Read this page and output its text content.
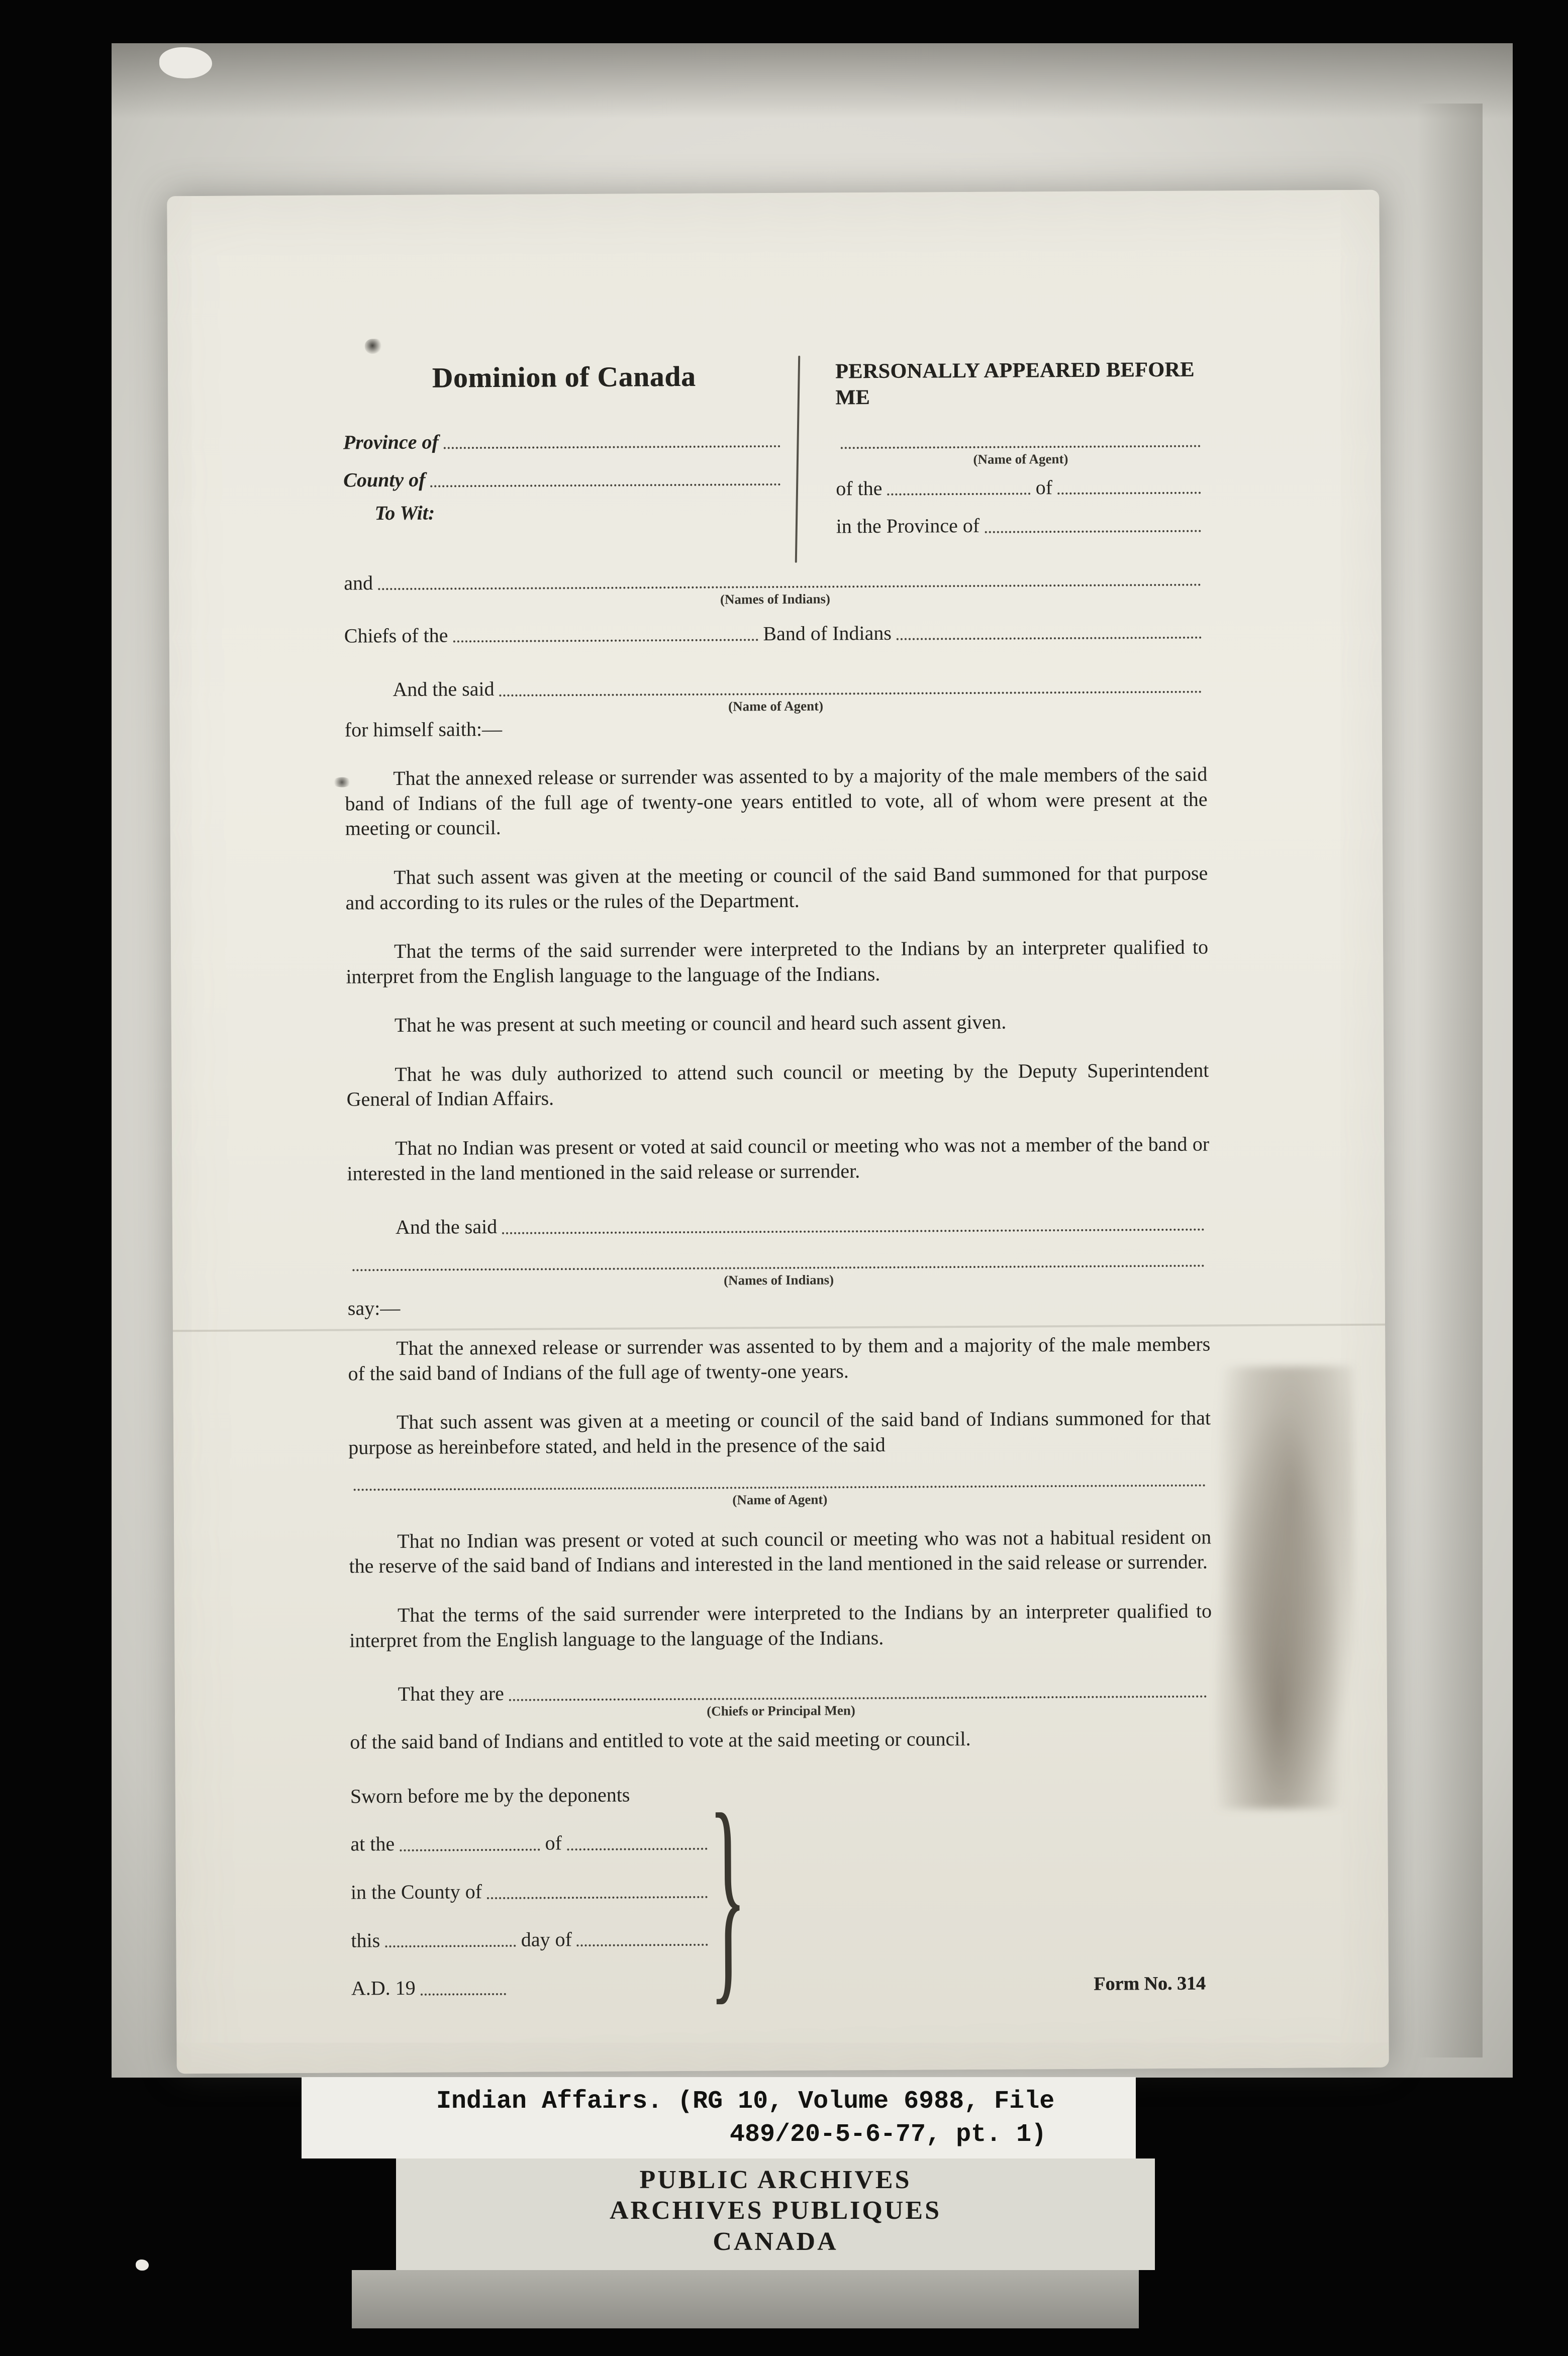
Dominion of Canada
Province of
County of
To Wit:
PERSONALLY APPEARED BEFORE ME
(Name of Agent)
of the	of
in the Province of
and
(Names of Indians)
Chiefs of the	Band of Indians
And the said
(Name of Agent)
for himself saith:—

That the annexed release or surrender was assented to by a majority of the male members of the said band of Indians of the full age of twenty-one years entitled to vote, all of whom were present at the meeting or council.

That such assent was given at the meeting or council of the said Band summoned for that purpose and according to its rules or the rules of the Department.

That the terms of the said surrender were interpreted to the Indians by an interpreter qualified to interpret from the English language to the language of the Indians.

That he was present at such meeting or council and heard such assent given.

That he was duly authorized to attend such council or meeting by the Deputy Superintendent General of Indian Affairs.

That no Indian was present or voted at said council or meeting who was not a member of the band or interested in the land mentioned in the said release or surrender.

And the said
(Names of Indians)
say:—

That the annexed release or surrender was assented to by them and a majority of the male members of the said band of Indians of the full age of twenty-one years.

That such assent was given at a meeting or council of the said band of Indians summoned for that purpose as hereinbefore stated, and held in the presence of the said

(Name of Agent)

That no Indian was present or voted at such council or meeting who was not a habitual resident on the reserve of the said band of Indians and interested in the land mentioned in the said release or surrender.

That the terms of the said surrender were interpreted to the Indians by an interpreter qualified to interpret from the English language to the language of the Indians.

That they are
(Chiefs or Principal Men)

of the said band of Indians and entitled to vote at the said meeting or council.

Sworn before me by the deponents
at the	of
in the County of
this	day of
A.D. 19	}	Form No. 314
Indian Affairs. (RG 10, Volume 6988, File
489/20-5-6-77, pt. 1)
PUBLIC ARCHIVES
ARCHIVES PUBLIQUES
CANADA
